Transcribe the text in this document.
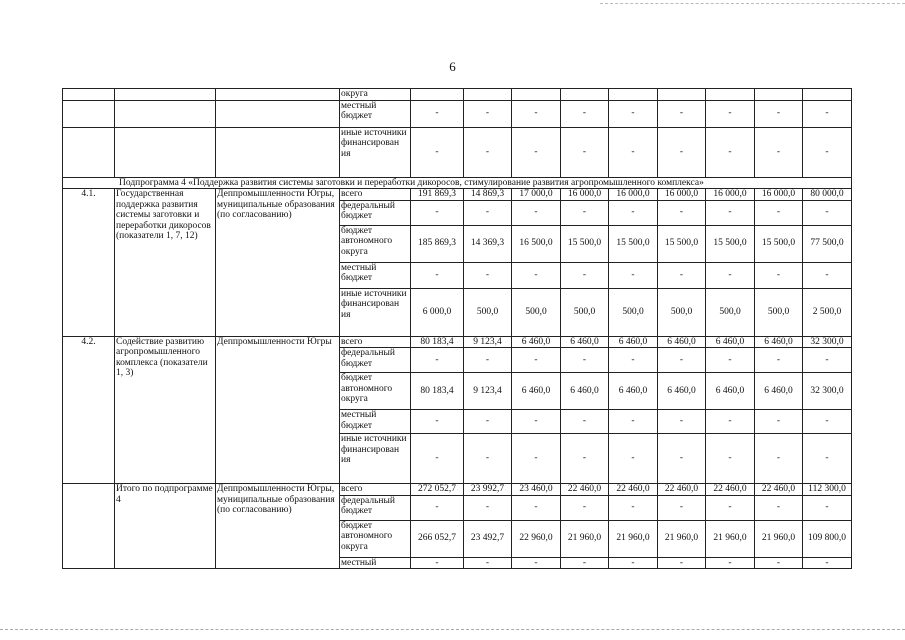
6
			округа									
			местный бюджет	-	-	-	-	-	-	-	-	-
			иные источники финансирован ия	-	-	-	-	-	-	-	-	-
Подпрограмма 4 «Поддержка развития системы заготовки и переработки дикоросов, стимулирование развития агропромышленного комплекса»												
4.1.	Государственная поддержка развития системы заготовки и переработки дикоросов (показатели 1, 7, 12)	Деппромышленности Югры, муниципальные образования (по согласованию)	всего	191 869,3	14 869,3	17 000,0	16 000,0	16 000,0	16 000,0	16 000,0	16 000,0	80 000,0
			федеральный бюджет	-	-	-	-	-	-	-	-	-
			бюджет автономного округа	185 869,3	14 369,3	16 500,0	15 500,0	15 500,0	15 500,0	15 500,0	15 500,0	77 500,0
			местный бюджет	-	-	-	-	-	-	-	-	-
			иные источники финансирован ия	6 000,0	500,0	500,0	500,0	500,0	500,0	500,0	500,0	2 500,0
4.2.	Содействие развитию агропромышленного комплекса (показатели 1, 3)	Деппромышленности Югры	всего	80 183,4	9 123,4	6 460,0	6 460,0	6 460,0	6 460,0	6 460,0	6 460,0	32 300,0
			федеральный бюджет	-	-	-	-	-	-	-	-	-
			бюджет автономного округа	80 183,4	9 123,4	6 460,0	6 460,0	6 460,0	6 460,0	6 460,0	6 460,0	32 300,0
			местный бюджет	-	-	-	-	-	-	-	-	-
			иные источники финансирован ия	-	-	-	-	-	-	-	-	-
	Итого по подпрограмме 4	Деппромышленности Югры, муниципальные образования (по согласованию)	всего	272 052,7	23 992,7	23 460,0	22 460,0	22 460,0	22 460,0	22 460,0	22 460,0	112 300,0
			федеральный бюджет	-	-	-	-	-	-	-	-	-
			бюджет автономного округа	266 052,7	23 492,7	22 960,0	21 960,0	21 960,0	21 960,0	21 960,0	21 960,0	109 800,0
			местный	-	-	-	-	-	-	-	-	-
